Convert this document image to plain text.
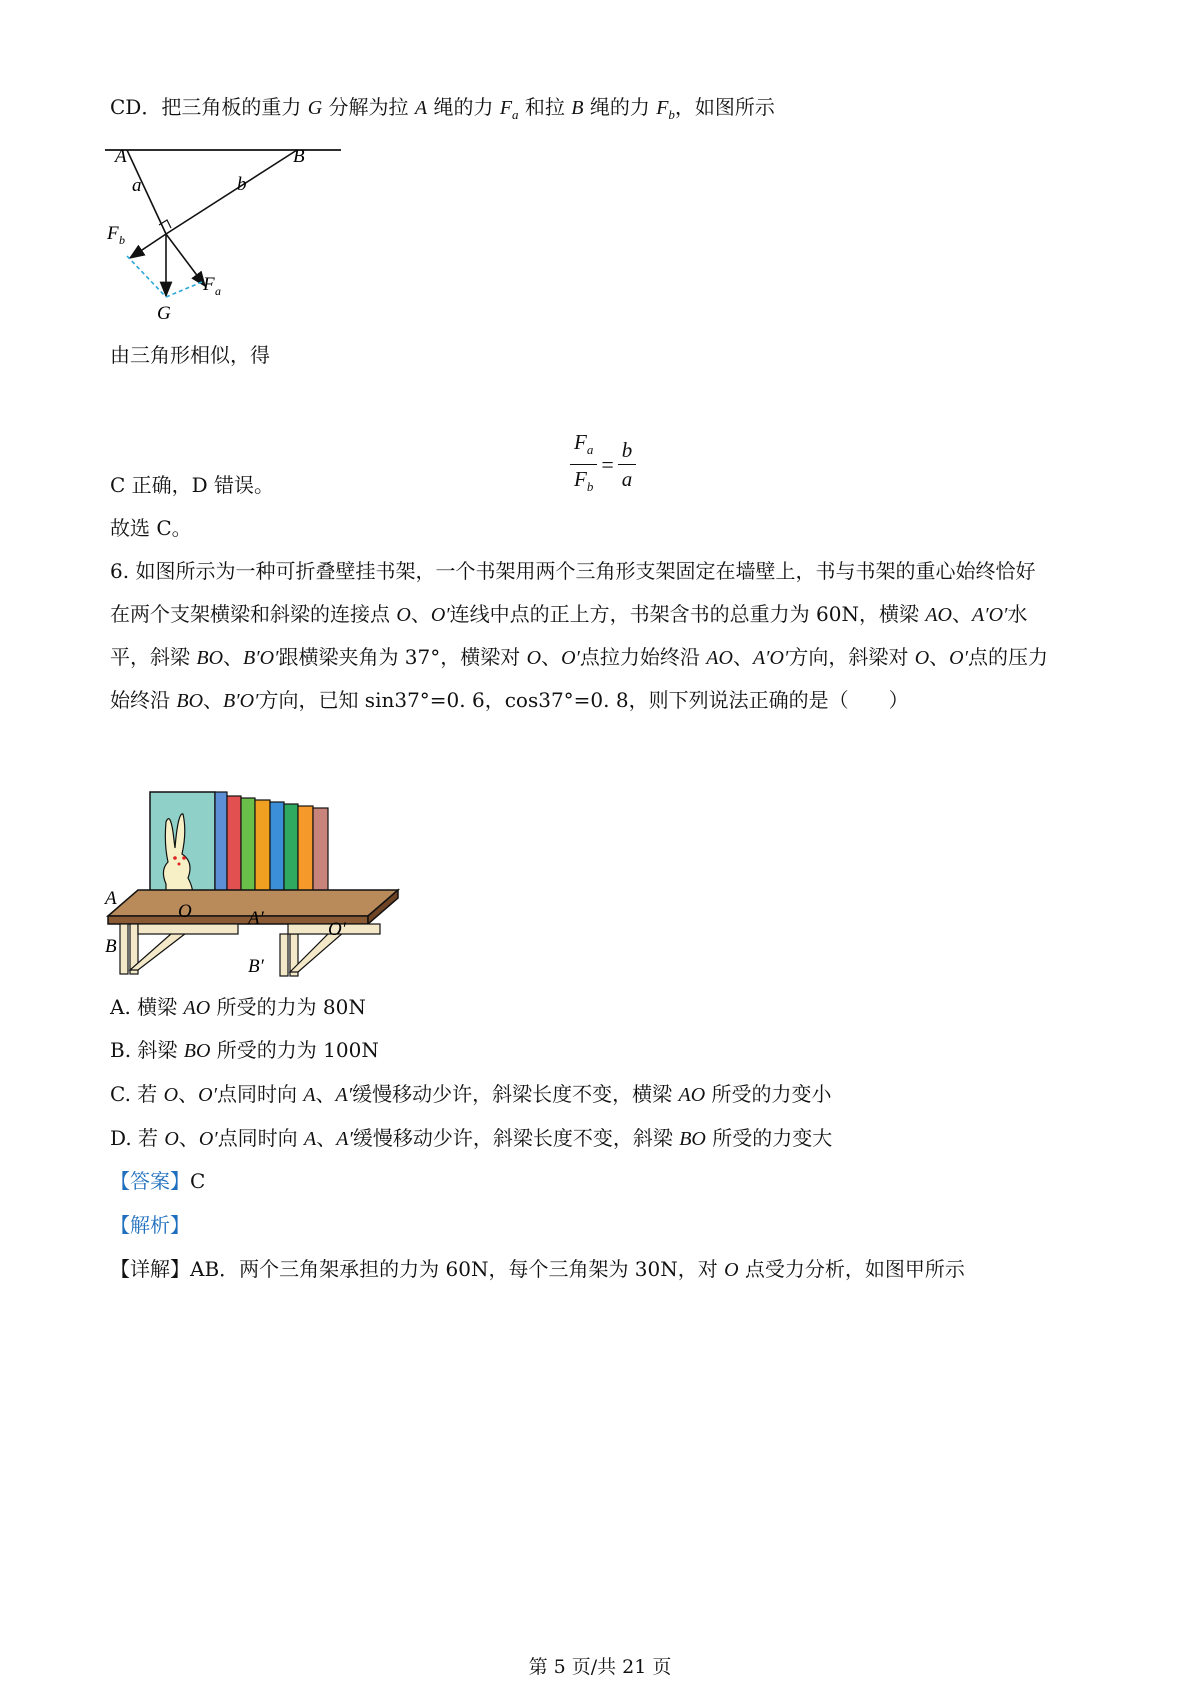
CD．把三角板的重力 G 分解为拉 A 绳的力 $F_a$ 和拉 B 绳的力 $F_b$，如图所示
A	B
a	b
F b
F a
G
由三角形相似，得
$\frac{F_a}{F_b} = \frac{b}{a}$
C 正确，D 错误。
故选 C。
6. 如图所示为一种可折叠壁挂书架，一个书架用两个三角形支架固定在墙壁上，书与书架的重心始终恰好
在两个支架横梁和斜梁的连接点 O、O′连线中点的正上方，书架含书的总重力为 60N，横梁 AO、A′O′水
平，斜梁 BO、B′O′跟横梁夹角为 37°，横梁对 O、O′点拉力始终沿 AO、A′O′方向，斜梁对 O、O′点的压力
始终沿 BO、B′O′方向，已知 sin37°=0. 6，cos37°=0. 8，则下列说法正确的是（　　）
A
B
O	A′
O′
B′
A. 横梁 AO 所受的力为 80N
B. 斜梁 BO 所受的力为 100N
C. 若 O、O′点同时向 A、A′缓慢移动少许，斜梁长度不变，横梁 AO 所受的力变小
D. 若 O、O′点同时向 A、A′缓慢移动少许，斜梁长度不变，斜梁 BO 所受的力变大
【答案】C
【解析】
【详解】AB．两个三角架承担的力为 60N，每个三角架为 30N，对 O 点受力分析，如图甲所示
第 5 页/共 21 页
